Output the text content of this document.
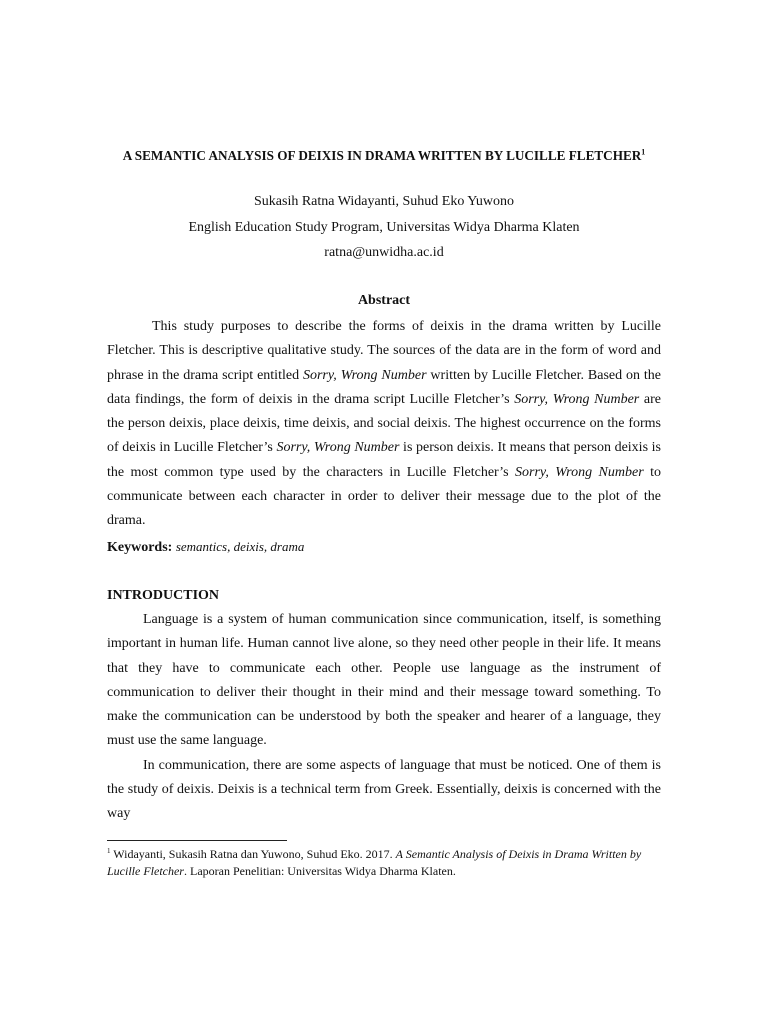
A SEMANTIC ANALYSIS OF DEIXIS IN DRAMA WRITTEN BY LUCILLE FLETCHER$^1$
Sukasih Ratna Widayanti, Suhud Eko Yuwono
English Education Study Program, Universitas Widya Dharma Klaten
ratna@unwidha.ac.id
Abstract

This study purposes to describe the forms of deixis in the drama written by Lucille Fletcher. This is descriptive qualitative study. The sources of the data are in the form of word and phrase in the drama script entitled Sorry, Wrong Number written by Lucille Fletcher. Based on the data findings, the form of deixis in the drama script Lucille Fletcher’s Sorry, Wrong Number are the person deixis, place deixis, time deixis, and social deixis. The highest occurrence on the forms of deixis in Lucille Fletcher’s Sorry, Wrong Number is person deixis. It means that person deixis is the most common type used by the characters in Lucille Fletcher’s Sorry, Wrong Number to communicate between each character in order to deliver their message due to the plot of the drama.

Keywords: semantics, deixis, drama
INTRODUCTION

Language is a system of human communication since communication, itself, is something important in human life. Human cannot live alone, so they need other people in their life. It means that they have to communicate each other. People use language as the instrument of communication to deliver their thought in their mind and their message toward something. To make the communication can be understood by both the speaker and hearer of a language, they must use the same language.

In communication, there are some aspects of language that must be noticed. One of them is the study of deixis. Deixis is a technical term from Greek. Essentially, deixis is concerned with the way

$^1$ Widayanti, Sukasih Ratna dan Yuwono, Suhud Eko. 2017. A Semantic Analysis of Deixis in Drama Written by Lucille Fletcher. Laporan Penelitian: Universitas Widya Dharma Klaten.
